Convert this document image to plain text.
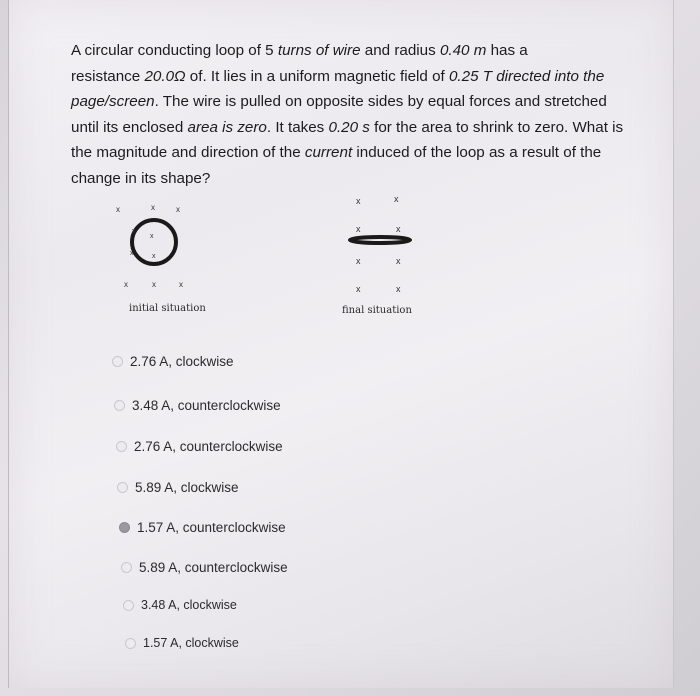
A circular conducting loop of 5 turns of wire and radius 0.40 m has a
resistance 20.0Ω of. It lies in a uniform magnetic field of 0.25 T directed into the
page/screen. The wire is pulled on opposite sides by equal forces and stretched
until its enclosed area is zero. It takes 0.20 s for the area to shrink to zero. What is
the magnitude and direction of the current induced of the loop as a result of the
change in its shape?
x	x	x
x
x
x	x
x	x	x
initial situation
x	x
x	x
x	x
x	x
final situation
2.76 A, clockwise
3.48 A, counterclockwise
2.76 A, counterclockwise
5.89 A, clockwise
1.57 A, counterclockwise
5.89 A, counterclockwise
3.48 A, clockwise
1.57 A, clockwise
